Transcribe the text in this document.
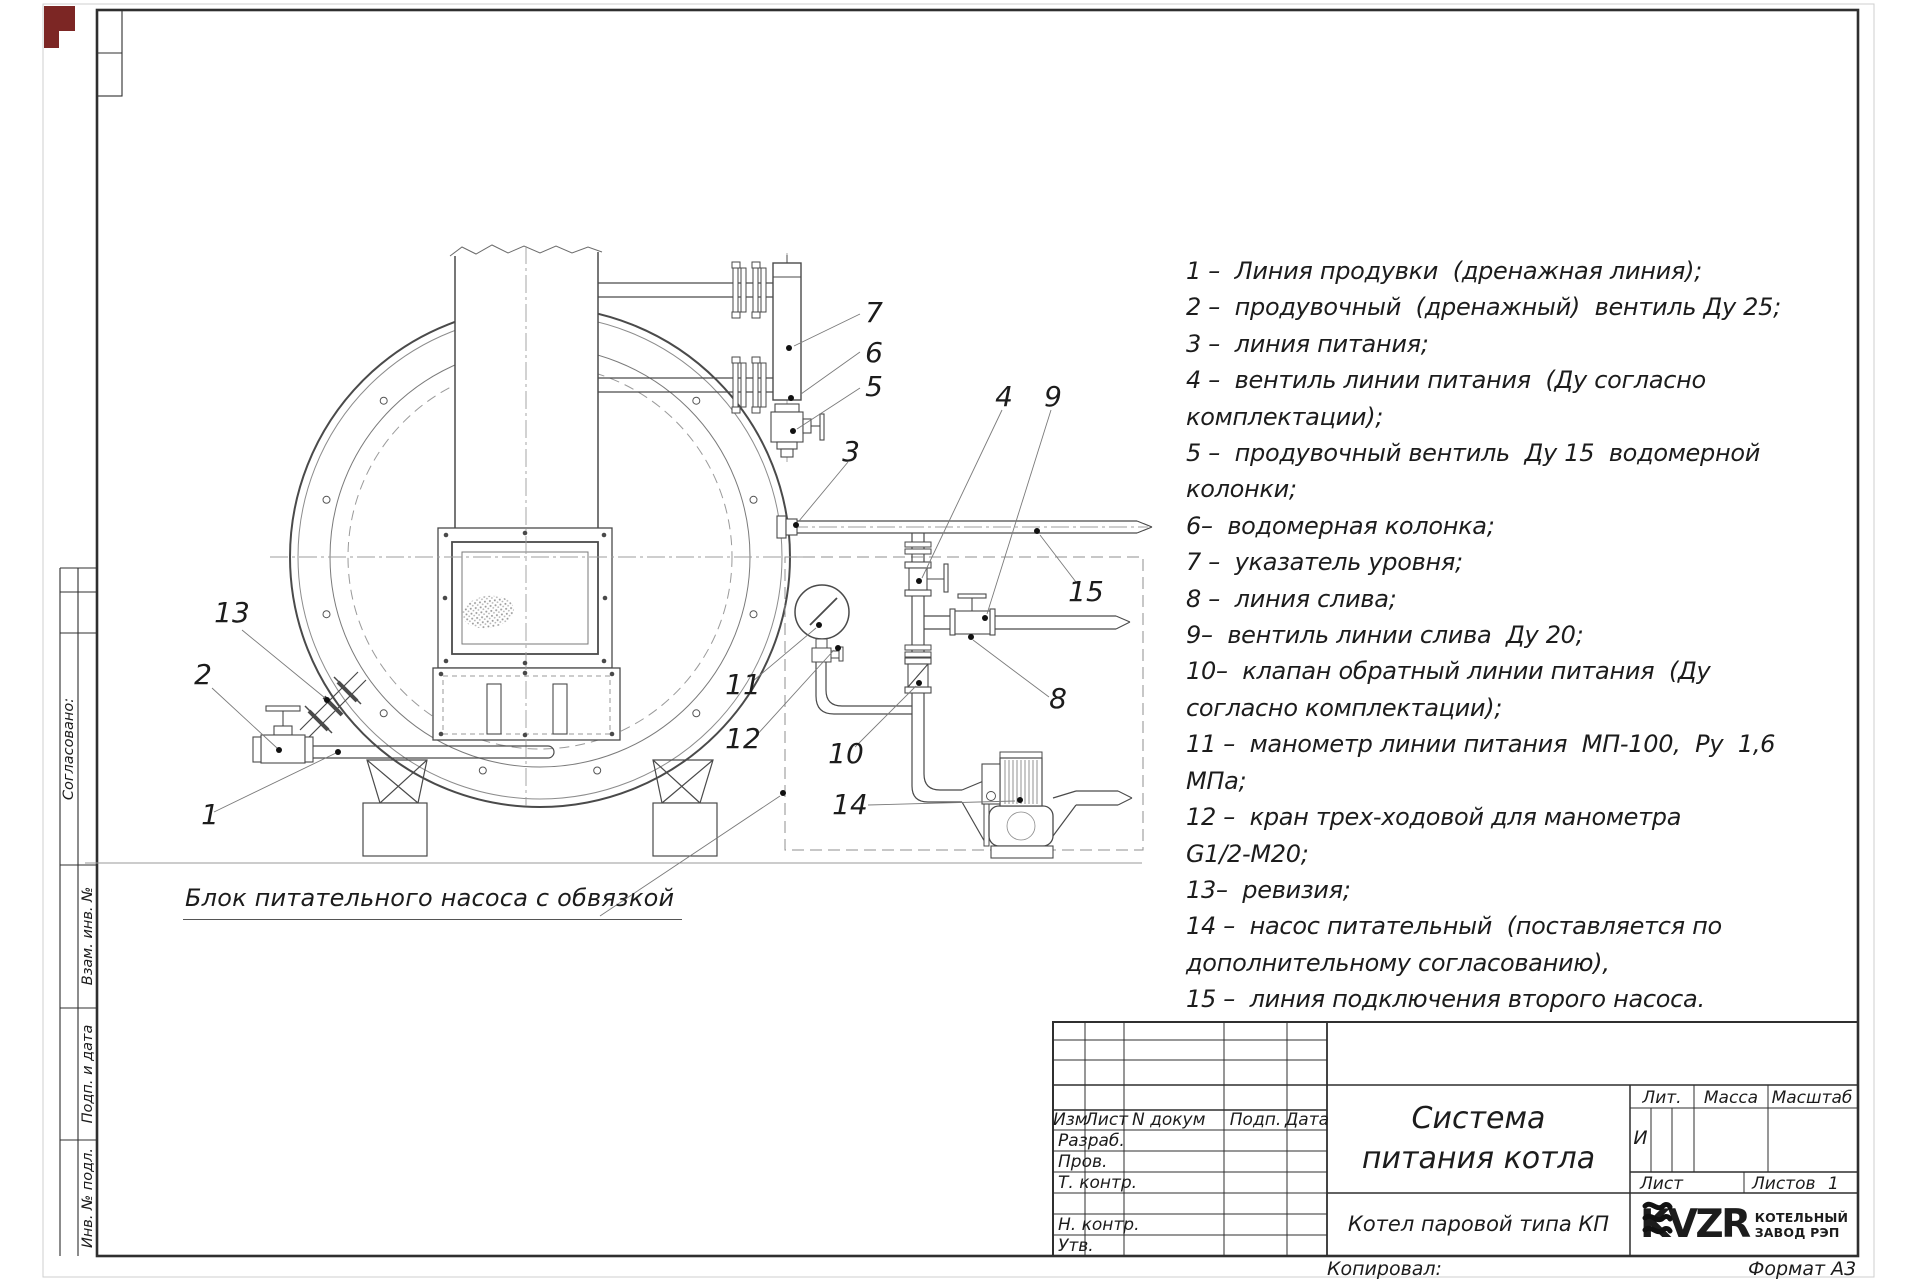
1 –  Линия продувки  (дренажная линия);
2 –  продувочный  (дренажный)  вентиль Ду 25;
3 –  линия питания;
4 –  вентиль линии питания  (Ду согласно
комплектации);
5 –  продувочный вентиль  Ду 15  водомерной
колонки;
6–  водомерная колонка;
7 –  указатель уровня;
8 –  линия слива;
9–  вентиль линии слива  Ду 20;
10–  клапан обратный линии питания  (Ду
согласно комплектации);
11 –  манометр линии питания  МП-100,  Ру  1,6
МПа;
12 –  кран трех-ходовой для манометра
G1/2-М20;
13–  ревизия;
14 –  насос питательный  (поставляется по
дополнительному согласованию),
15 –  линия подключения второго насоса.
1
2
3
4
5
6
7
8
9
10
11
12
13
14
15
Блок питательного насоса с обвязкой
Согласовано:
Взам. инв. №
Подп. и дата
Инв. № подл.
Изм
Лист N докум	Подп. Дата
Разраб.
Пров.
Т. контр.
Н. контр.
Утв.
Система
питания котла
Котел паровой типа КП
Лит.	Масса Масштаб
И
Лист	Листов 1
KVZR КОТЕЛЬНЫЙ
ЗАВОД РЭП
Копировал:	Формат А3
